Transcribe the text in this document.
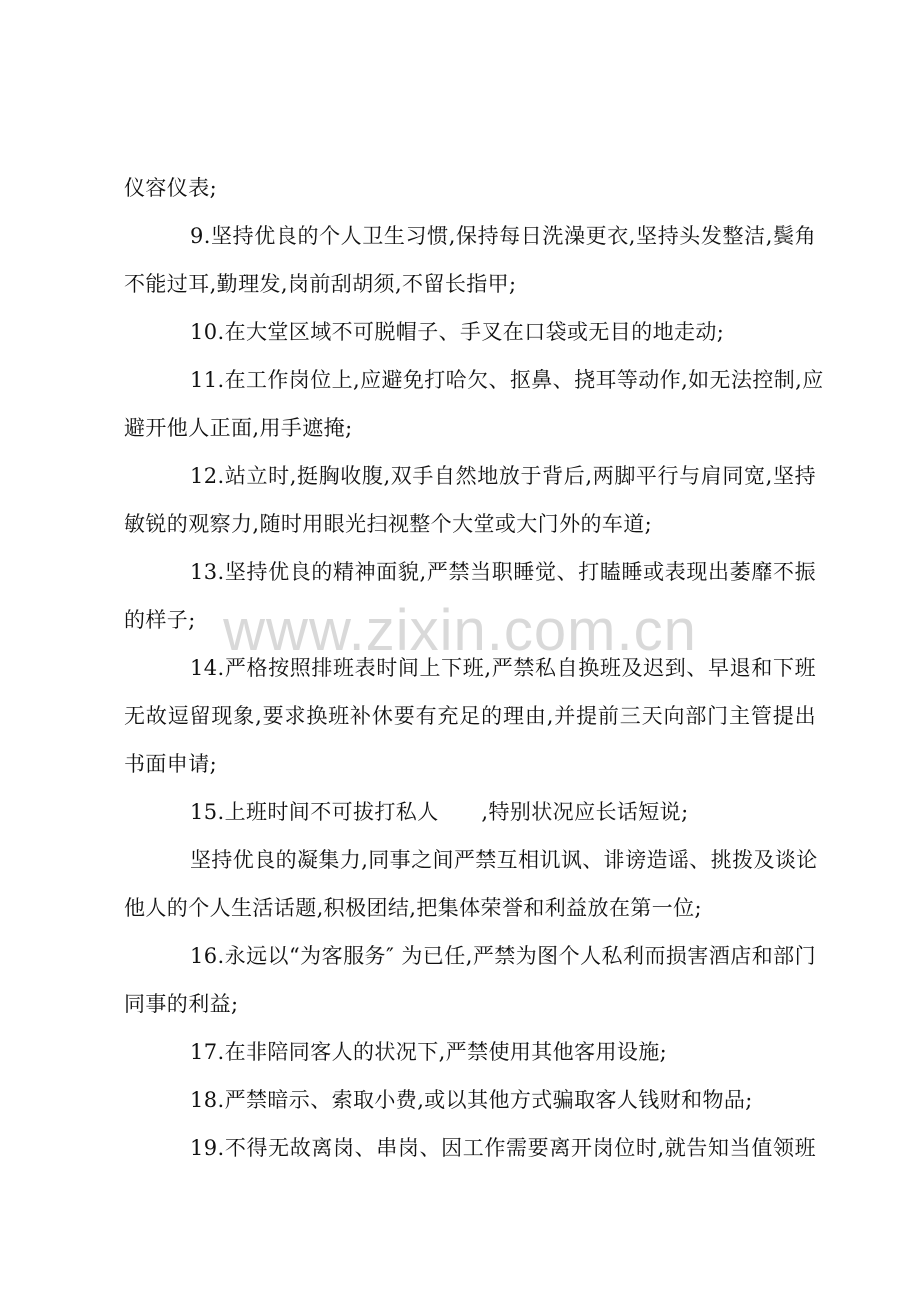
仪容仪表;
9.坚持优良的个人卫生习惯,保持每日洗澡更衣,坚持头发整洁,鬓角
不能过耳,勤理发,岗前刮胡须,不留长指甲;
10.在大堂区域不可脱帽子、手叉在口袋或无目的地走动;
11.在工作岗位上,应避免打哈欠、抠鼻、挠耳等动作,如无法控制,应
避开他人正面,用手遮掩;
12.站立时,挺胸收腹,双手自然地放于背后,两脚平行与肩同宽,坚持
敏锐的观察力,随时用眼光扫视整个大堂或大门外的车道;
13.坚持优良的精神面貌,严禁当职睡觉、打瞌睡或表现出萎靡不振
的样子;
14.严格按照排班表时间上下班,严禁私自换班及迟到、早退和下班
无故逗留现象,要求换班补休要有充足的理由,并提前三天向部门主管提出
书面申请;
15.上班时间不可拔打私人　　,特别状况应长话短说;
坚持优良的凝集力,同事之间严禁互相讥讽、诽谤造谣、挑拨及谈论
他人的个人生活话题,积极团结,把集体荣誉和利益放在第一位;
16.永远以“为客服务″ 为已任,严禁为图个人私利而损害酒店和部门
同事的利益;
17.在非陪同客人的状况下,严禁使用其他客用设施;
18.严禁暗示、索取小费,或以其他方式骗取客人钱财和物品;
19.不得无故离岗、串岗、因工作需要离开岗位时,就告知当值领班
www.zixin.com.cn
